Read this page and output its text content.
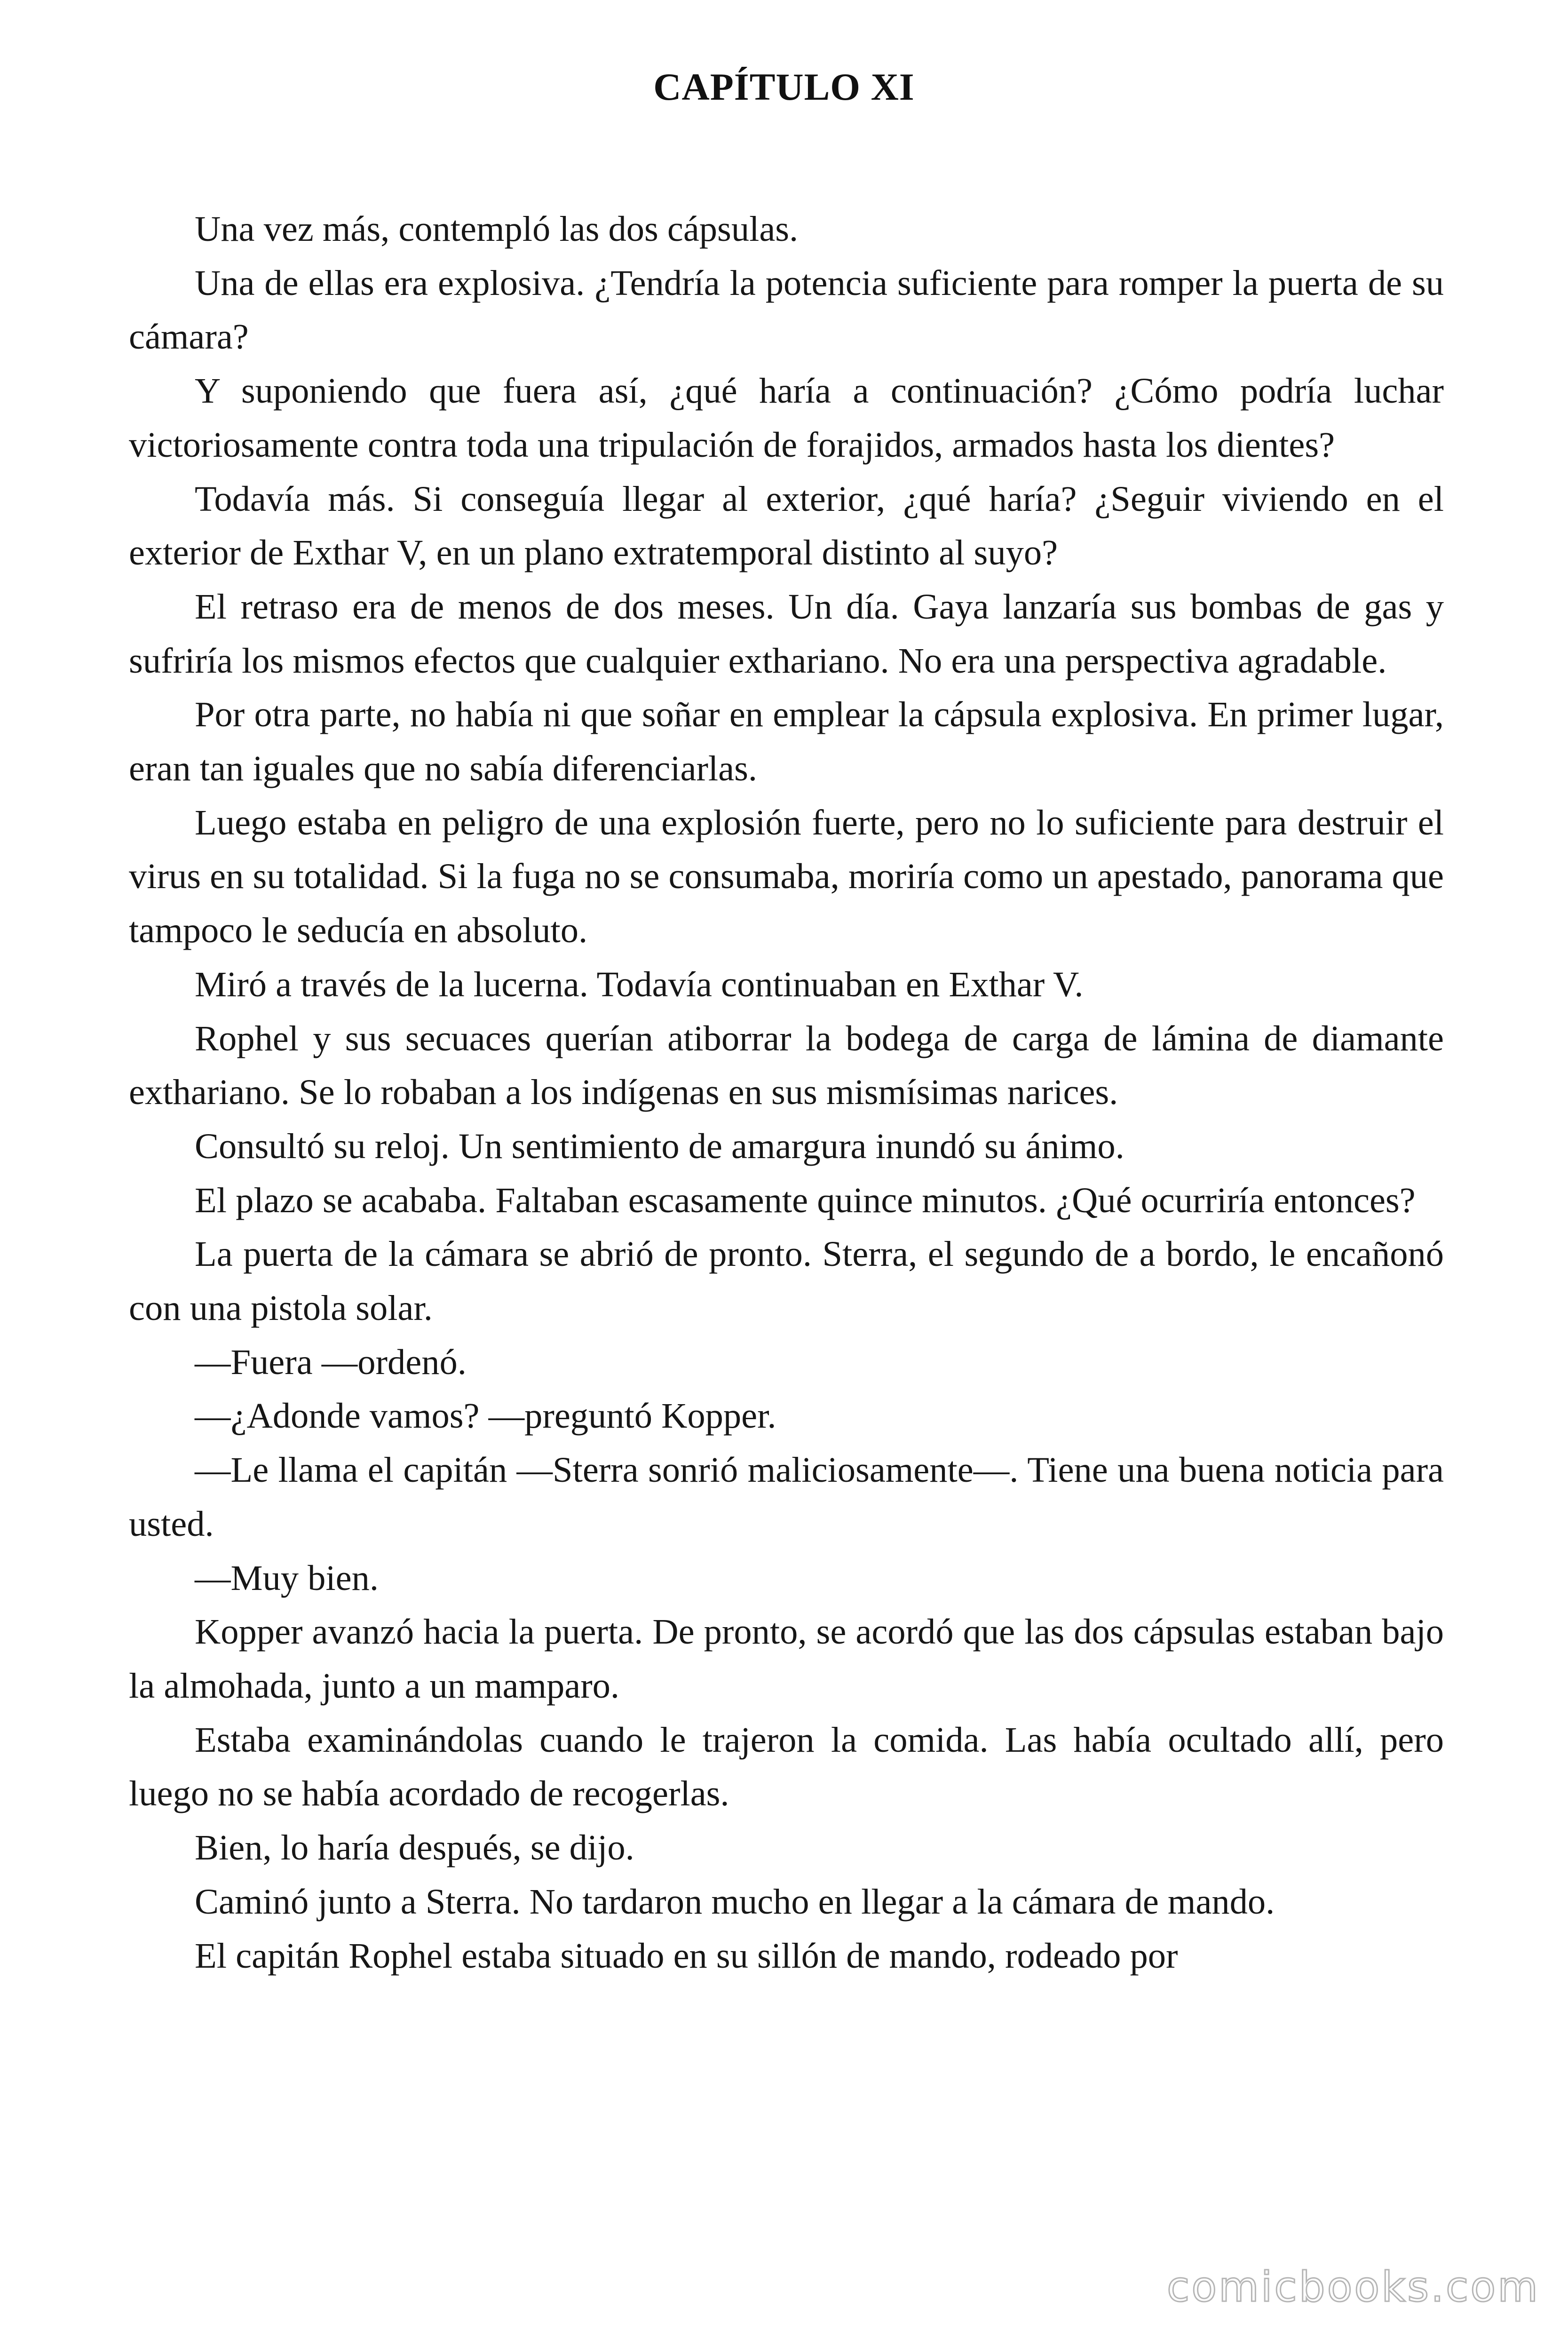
CAPÍTULO XI

Una vez más, contempló las dos cápsulas.

Una de ellas era explosiva. ¿Tendría la potencia suficiente para romper la puerta de su cámara?

Y suponiendo que fuera así, ¿qué haría a continuación? ¿Cómo podría luchar victoriosamente contra toda una tripulación de forajidos, armados hasta los dientes?

Todavía más. Si conseguía llegar al exterior, ¿qué haría? ¿Seguir viviendo en el exterior de Exthar V, en un plano extratemporal distinto al suyo?

El retraso era de menos de dos meses. Un día. Gaya lanzaría sus bombas de gas y sufriría los mismos efectos que cualquier exthariano. No era una perspectiva agradable.

Por otra parte, no había ni que soñar en emplear la cápsula explosiva. En primer lugar, eran tan iguales que no sabía diferenciarlas.

Luego estaba en peligro de una explosión fuerte, pero no lo suficiente para destruir el virus en su totalidad. Si la fuga no se consumaba, moriría como un apestado, panorama que tampoco le seducía en absoluto.

Miró a través de la lucerna. Todavía continuaban en Exthar V.

Rophel y sus secuaces querían atiborrar la bodega de carga de lámina de diamante exthariano. Se lo robaban a los indígenas en sus mismísimas narices.

Consultó su reloj. Un sentimiento de amargura inundó su ánimo.

El plazo se acababa. Faltaban escasamente quince minutos. ¿Qué ocurriría entonces?

La puerta de la cámara se abrió de pronto. Sterra, el segundo de a bordo, le encañonó con una pistola solar.

—Fuera —ordenó.

—¿Adonde vamos? —preguntó Kopper.

—Le llama el capitán —Sterra sonrió maliciosamente—. Tiene una buena noticia para usted.

—Muy bien.

Kopper avanzó hacia la puerta. De pronto, se acordó que las dos cápsulas estaban bajo la almohada, junto a un mamparo.

Estaba examinándolas cuando le trajeron la comida. Las había ocultado allí, pero luego no se había acordado de recogerlas.

Bien, lo haría después, se dijo.

Caminó junto a Sterra. No tardaron mucho en llegar a la cámara de mando.

El capitán Rophel estaba situado en su sillón de mando, rodeado por

comicbooks.com
